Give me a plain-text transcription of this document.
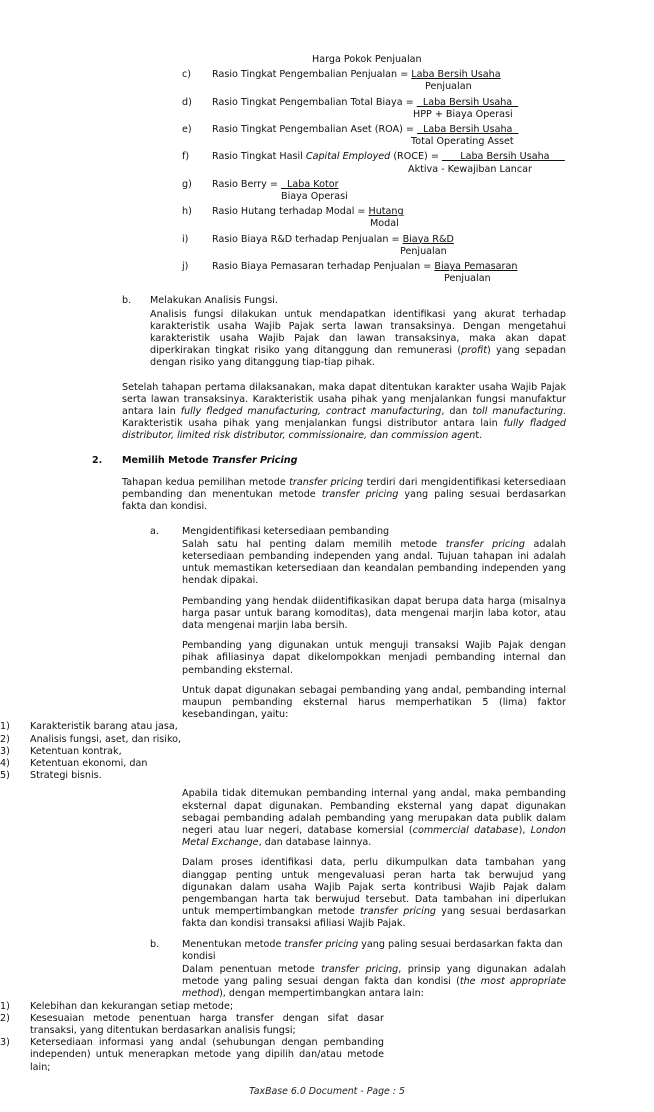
Harga Pokok Penjualan
c)	Rasio Tingkat Pengembalian Penjualan = Laba Bersih Usaha
Penjualan
d)	Rasio Tingkat Pengembalian Total Biaya =   Laba Bersih Usaha
HPP + Biaya Operasi
e)	Rasio Tingkat Pengembalian Aset (ROA) =   Laba Bersih Usaha
Total Operating Asset
f)	Rasio Tingkat Hasil Capital Employed (ROCE) =       Laba Bersih Usaha
Aktiva - Kewajiban Lancar
g)	Rasio Berry =   Laba Kotor
Biaya Operasi
h)	Rasio Hutang terhadap Modal = Hutang
Modal
i)	Rasio Biaya R&D terhadap Penjualan = Biaya R&D
Penjualan
j)	Rasio Biaya Pemasaran terhadap Penjualan = Biaya Pemasaran
Penjualan
b.	Melakukan Analisis Fungsi.
Analisis fungsi dilakukan untuk mendapatkan identifikasi yang akurat terhadap karakteristik usaha Wajib Pajak serta lawan transaksinya. Dengan mengetahui karakteristik usaha Wajib Pajak dan lawan transaksinya, maka akan dapat diperkirakan tingkat risiko yang ditanggung dan remunerasi (profit) yang sepadan dengan risiko yang ditanggung tiap-tiap pihak.
Setelah tahapan pertama dilaksanakan, maka dapat ditentukan karakter usaha Wajib Pajak serta lawan transaksinya. Karakteristik usaha pihak yang menjalankan fungsi manufaktur antara lain fully fledged manufacturing, contract manufacturing, dan toll manufacturing. Karakteristik usaha pihak yang menjalankan fungsi distributor antara lain fully fladged distributor, limited risk distributor, commissionaire, dan commission agent.
2.	Memilih Metode Transfer Pricing
Tahapan kedua pemilihan metode transfer pricing terdiri dari mengidentifikasi ketersediaan pembanding dan menentukan metode transfer pricing yang paling sesuai berdasarkan fakta dan kondisi.
a.	Mengidentifikasi ketersediaan pembanding
Salah satu hal penting dalam memilih metode transfer pricing adalah ketersediaan pembanding independen yang andal. Tujuan tahapan ini adalah untuk memastikan ketersediaan dan keandalan pembanding independen yang hendak dipakai.
Pembanding yang hendak diidentifikasikan dapat berupa data harga (misalnya harga pasar untuk barang komoditas), data mengenai marjin laba kotor, atau data mengenai marjin laba bersih.
Pembanding yang digunakan untuk menguji transaksi Wajib Pajak dengan pihak afiliasinya dapat dikelompokkan menjadi pembanding internal dan pembanding eksternal.
Untuk dapat digunakan sebagai pembanding yang andal, pembanding internal maupun pembanding eksternal harus memperhatikan 5 (lima) faktor kesebandingan, yaitu:
1)	Karakteristik barang atau jasa,
2)	Analisis fungsi, aset, dan risiko,
3)	Ketentuan kontrak,
4)	Ketentuan ekonomi, dan
5)	Strategi bisnis.
Apabila tidak ditemukan pembanding internal yang andal, maka pembanding eksternal dapat digunakan. Pembanding eksternal yang dapat digunakan sebagai pembanding adalah pembanding yang merupakan data publik dalam negeri atau luar negeri, database komersial (commercial database), London Metal Exchange, dan database lainnya.
Dalam proses identifikasi data, perlu dikumpulkan data tambahan yang dianggap penting untuk mengevaluasi peran harta tak berwujud yang digunakan dalam usaha Wajib Pajak serta kontribusi Wajib Pajak dalam pengembangan harta tak berwujud tersebut. Data tambahan ini diperlukan untuk mempertimbangkan metode transfer pricing yang sesuai berdasarkan fakta dan kondisi transaksi afiliasi Wajib Pajak.
b.	Menentukan metode transfer pricing yang paling sesuai berdasarkan fakta dan kondisi
Dalam penentuan metode transfer pricing, prinsip yang digunakan adalah metode yang paling sesuai dengan fakta dan kondisi (the most appropriate method), dengan mempertimbangkan antara lain:
1)	Kelebihan dan kekurangan setiap metode;
2)	Kesesuaian metode penentuan harga transfer dengan sifat dasar transaksi, yang ditentukan berdasarkan analisis fungsi;
3)	Ketersediaan informasi yang andal (sehubungan dengan pembanding independen) untuk menerapkan metode yang dipilih dan/atau metode lain;
TaxBase 6.0 Document - Page : 5
